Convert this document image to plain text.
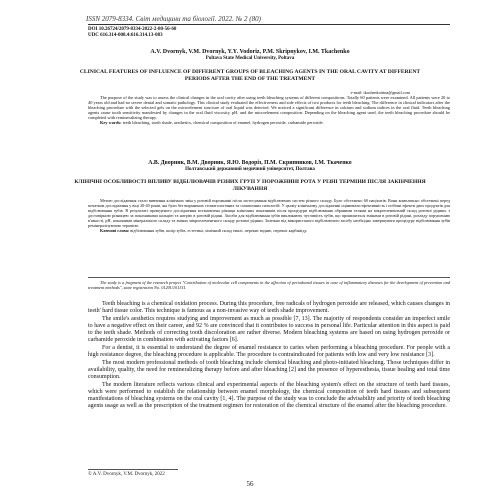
ISSN 2079-8334. Світ медицини та біології. 2022. № 2 (80)
DOI 10.26724/2079-8334-2022-2-80-56-60
UDC 616.314-008.4:616.314.13-083
A.V. Dvornyk, V.M. Dvornyk, Y.Y. Vodoriz, P.M. Skripnykov, I.M. Tkachenko
Poltava State Medical University, Poltava
CLINICAL FEATURES OF INFLUENCE OF DIFFERENT GROUPS OF BLEACHING AGENTS IN THE ORAL CAVITY AT DIFFERENT PERIODS AFTER THE END OF THE TREATMENT
e-mail: tkachenkoirina@gmail.com
The purpose of the study was to assess the clinical changes in the oral cavity after using teeth bleaching systems of different compositions. Totally 60 patients were examined. All patients were 20 to 40 years old and had no severe dental and somatic pathology. This clinical study evaluated the effectiveness and side effects of two products for teeth bleaching. The difference in clinical indicators after the bleaching procedure with the selected gels on the microelement structure of oral liquid was detected. We noticed a significant difference in calcium and sodium indices in the oral fluid. Teeth bleaching agents cause tooth sensitivity manifested by changes in the oral fluid viscosity, pH, and the microelement composition. Depending on the bleaching agent used, the teeth bleaching procedure should be completed with remineralizing therapy.
Key words: teeth bleaching, tooth shade, aesthetics, chemical composition of enamel, hydrogen peroxide, carbamide peroxide.
А.В. Дворник, В.М. Дворник, Я.Ю. Водоріз, П.М. Скрипников, І.М. Ткаченко
Полтавський державний медичний університет, Полтава
КЛІНІЧНІ ОСОБЛИВОСТІ ВПЛИВУ ВІДБІЛЮВАЧІВ РІЗНИХ ГРУП У ПОРОЖНИНІ РОТА У РІЗНІ ТЕРМІНИ ПІСЛЯ ЗАКІНЧЕННЯ ЛІКУВАННЯ
Метою дослідження стало вивчення клінічних змін у ротовій порожнині після застосування відбілюючих систем різного складу. Було обстежено 60 пацієнтів. Вони комплексно обстежені перед початком дослідження у віці 20-40 років, які були без виражених стоматологічних та соматичних патологій. У цьому клінічному дослідженні оцінювали ефективність і побічні ефекти двох продуктів для відбілювання зубів. В результаті проведеного дослідження встановлена різниця клінічних показників після процедури відбілювання обраними гелями на мікроелементний склад ротової рідини, з достовірною різницею за показниками кальцію та натрію в ротовій рідині. Засоби для відбілювання зубів викликають чутливість зубів, що проявляється змінами в ротовій рідині, розладу порушенню в'язкості, рН, показників мінерального складу та змінах мікроелементного складу ротової рідини. Залежно від використаного відбілюючого засобу необхідно завершувати процедуру відбілювання зубів ремінералізуючою терапією.
Ключові слова: відбілювання зубів, колір зубів, естетика, хімічний склад емалі, перекис водню, перекис карбаміду.
The study is a fragment of the research project "Contribution of molecular cell components in the affection of periodontal tissues in case of inflammatory diseases for the development of prevention and treatment methods", state registration No. 0120U101151.

Teeth bleaching is a chemical oxidation process. During this procedure, free radicals of hydrogen peroxide are released, which causes changes in teeth' hard tissue color. This technique is famous as a non-invasive way of teeth shade improvement.

The smile's aesthetics requires studying and improvement as much as possible [7, 13]. The majority of respondents consider an imperfect smile to have a negative effect on their career, and 92 % are convinced that it contributes to success in personal life. Particular attention in this aspect is paid to the teeth shade. Methods of correcting tooth discoloration are rather diverse. Modern bleaching systems are based on using hydrogen peroxide or carbamide peroxide in combination with activating factors [6].

For a dentist, it is essential to understand the degree of enamel resistance to caries when performing a bleaching procedure. For people with a high resistance degree, the bleaching procedure is applicable. The procedure is contraindicated for patients with low and very low resistance [3].

The most modern professional methods of tooth bleaching include chemical bleaching and photo-initiated bleaching. Those techniques differ in availability, quality, the need for remineralizing therapy before and after bleaching [2] and the presence of hyperesthesia, tissue healing and total time consumption.

The modern literature reflects various clinical and experimental aspects of the bleaching system's effect on the structure of teeth hard tissues, which were performed to establish the relationship between enamel morphology, the chemical composition of teeth hard tissues and subsequent manifestations of bleaching systems on the oral cavity [1, 4]. The purpose of the study was to conclude the advisability and priority of teeth bleaching agents usage as well as the prescription of the treatment regimen for restoration of the chemical structure of the enamel after the bleaching procedure.

© A.V. Dvornyk, V.M. Dvornyk, 2022
56
